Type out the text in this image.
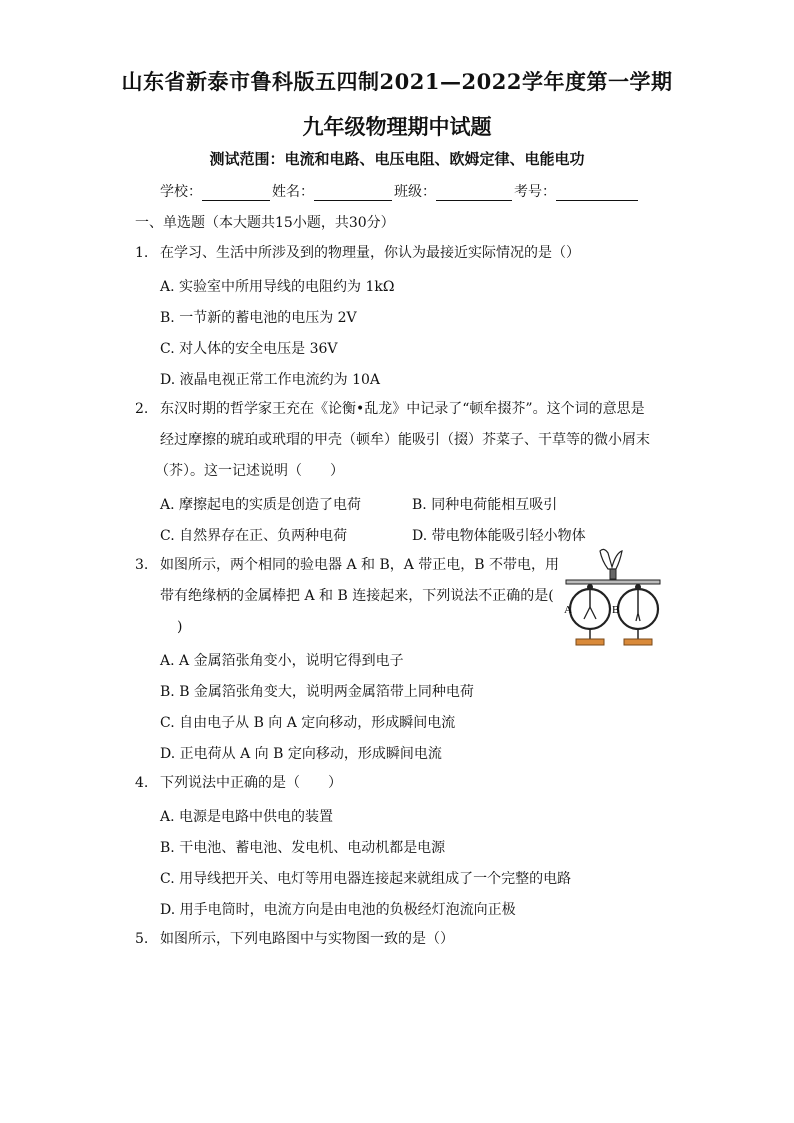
山东省新泰市鲁科版五四制2021—2022学年度第一学期
九年级物理期中试题
测试范围：电流和电路、电压电阻、欧姆定律、电能电功
学校：	姓名：	班级：	考号：
一、单选题（本大题共15小题，共30分）
1. 在学习、生活中所涉及到的物理量，你认为最接近实际情况的是（）
A. 实验室中所用导线的电阻约为 1kΩ
B. 一节新的蓄电池的电压为 2V
C. 对人体的安全电压是 36V
D. 液晶电视正常工作电流约为 10A
2. 东汉时期的哲学家王充在《论衡•乱龙》中记录了“顿牟掇芥”。这个词的意思是
经过摩擦的琥珀或玳瑁的甲壳（顿牟）能吸引（掇）芥菜子、干草等的微小屑末
（芥）。这一记述说明（　　）
A. 摩擦起电的实质是创造了电荷	B. 同种电荷能相互吸引
C. 自然界存在正、负两种电荷	D. 带电物体能吸引轻小物体
3. 如图所示，两个相同的验电器 A 和 B，A 带正电，B 不带电，用
带有绝缘柄的金属棒把 A 和 B 连接起来，下列说法不正确的是(
)
A	B
A. A 金属箔张角变小，说明它得到电子
B. B 金属箔张角变大，说明两金属箔带上同种电荷
C. 自由电子从 B 向 A 定向移动，形成瞬间电流
D. 正电荷从 A 向 B 定向移动，形成瞬间电流
4. 下列说法中正确的是（　　）
A. 电源是电路中供电的装置
B. 干电池、蓄电池、发电机、电动机都是电源
C. 用导线把开关、电灯等用电器连接起来就组成了一个完整的电路
D. 用手电筒时，电流方向是由电池的负极经灯泡流向正极
5. 如图所示，下列电路图中与实物图一致的是（）
